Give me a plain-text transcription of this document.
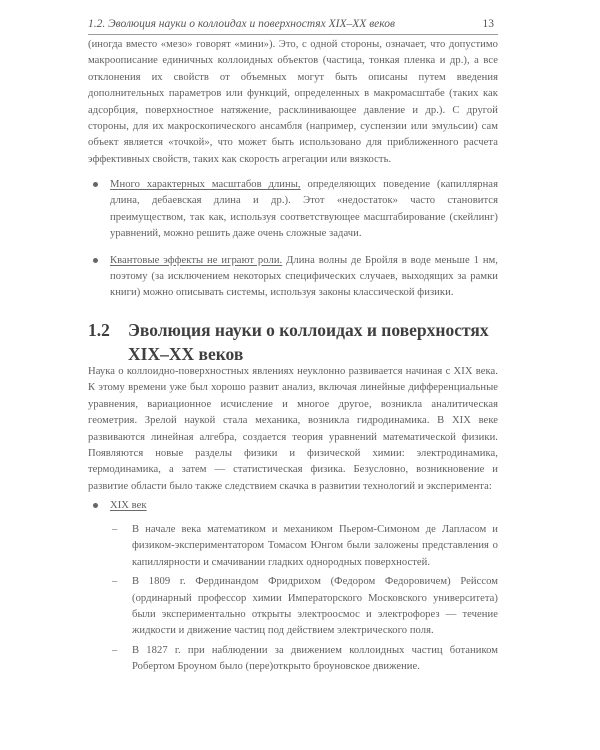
1.2. Эволюция науки о коллоидах и поверхностях XIX–XX веков	13

(иногда вместо «мезо» говорят «мини»). Это, с одной стороны, означает, что допустимо макроописание единичных коллоидных объектов (частица, тонкая пленка и др.), а все отклонения их свойств от объемных могут быть описаны путем введения дополнительных параметров или функций, определенных в макромасштабе (таких как адсорбция, поверхностное натяжение, расклинивающее давление и др.). С другой стороны, для их макроскопического ансамбля (например, суспензии или эмульсии) сам объект является «точкой», что может быть использовано для приближенного расчета эффективных свойств, таких как скорость агрегации или вязкость.

Много характерных масштабов длины, определяющих поведение (капиллярная длина, дебаевская длина и др.). Этот «недостаток» часто становится преимуществом, так как, используя соответствующее масштабирование (скейлинг) уравнений, можно решить даже очень сложные задачи.
Квантовые эффекты не играют роли. Длина волны де Бройля в воде меньше 1 нм, поэтому (за исключением некоторых специфических случаев, выходящих за рамки книги) можно описывать системы, используя законы классической физики.
1.2 Эволюция науки о коллоидах и поверхностях XIX–XX веков

Наука о коллоидно-поверхностных явлениях неуклонно развивается начиная с XIX века. К этому времени уже был хорошо развит анализ, включая линейные дифференциальные уравнения, вариационное исчисление и многое другое, возникла аналитическая геометрия. Зрелой наукой стала механика, возникла гидродинамика. В XIX веке развиваются линейная алгебра, создается теория уравнений математической физики. Появляются новые разделы физики и физической химии: электродинамика, термодинамика, а затем — статистическая физика. Безусловно, возникновение и развитие области было также следствием скачка в развитии технологий и эксперимента:

XIX век
– В начале века математиком и механиком Пьером-Симоном де Лапласом и физиком-экспериментатором Томасом Юнгом были заложены представления о капиллярности и смачивании гладких однородных поверхностей.
– В 1809 г. Фердинандом Фридрихом (Федором Федоровичем) Рейссом (ординарный профессор химии Императорского Московского университета) были экспериментально открыты электроосмос и электрофорез — течение жидкости и движение частиц под действием электрического поля.
– В 1827 г. при наблюдении за движением коллоидных частиц ботаником Робертом Броуном было (пере)открыто броуновское движение.
